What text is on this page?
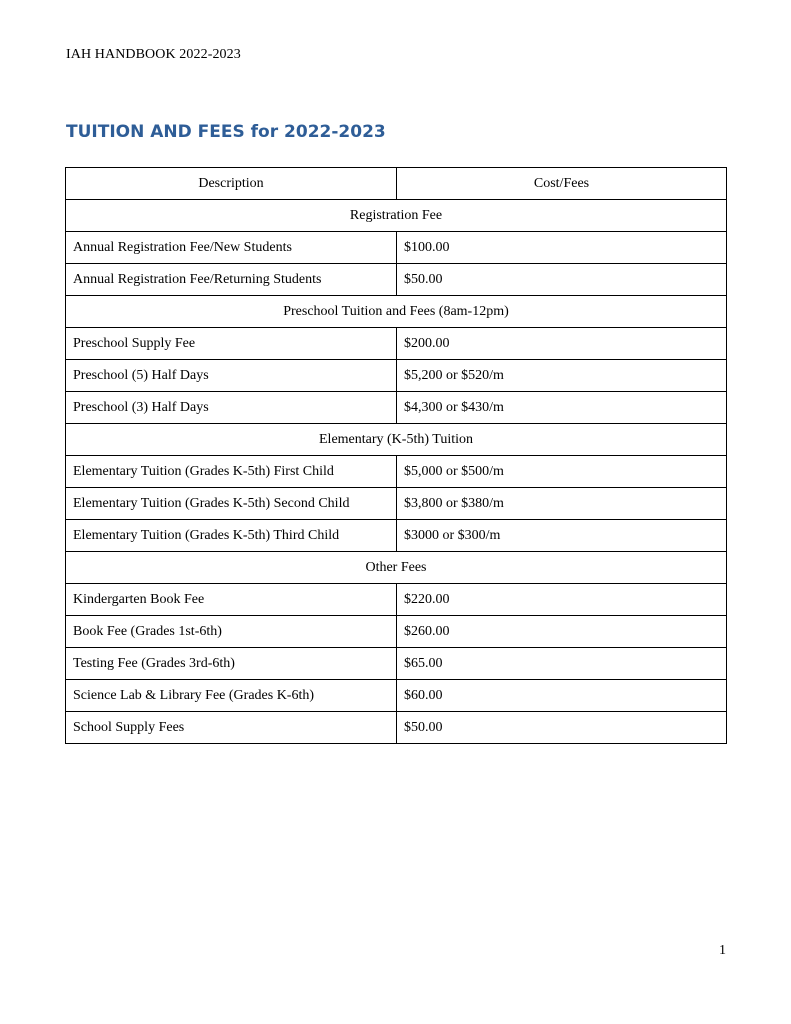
IAH HANDBOOK 2022-2023
TUITION AND FEES for 2022-2023
Description	Cost/Fees
Registration Fee	
Annual Registration Fee/New Students	$100.00
Annual Registration Fee/Returning Students	$50.00
Preschool Tuition and Fees (8am-12pm)	
Preschool Supply Fee	$200.00
Preschool (5) Half Days	$5,200 or $520/m
Preschool (3) Half Days	$4,300 or $430/m
Elementary (K-5th) Tuition	
Elementary Tuition (Grades K-5th) First Child	$5,000 or $500/m
Elementary Tuition (Grades K-5th) Second Child	$3,800 or $380/m
Elementary Tuition (Grades K-5th) Third Child	$3000 or $300/m
Other Fees	
Kindergarten Book Fee	$220.00
Book Fee (Grades 1st-6th)	$260.00
Testing Fee (Grades 3rd-6th)	$65.00
Science Lab & Library Fee (Grades K-6th)	$60.00
School Supply Fees	$50.00
1
